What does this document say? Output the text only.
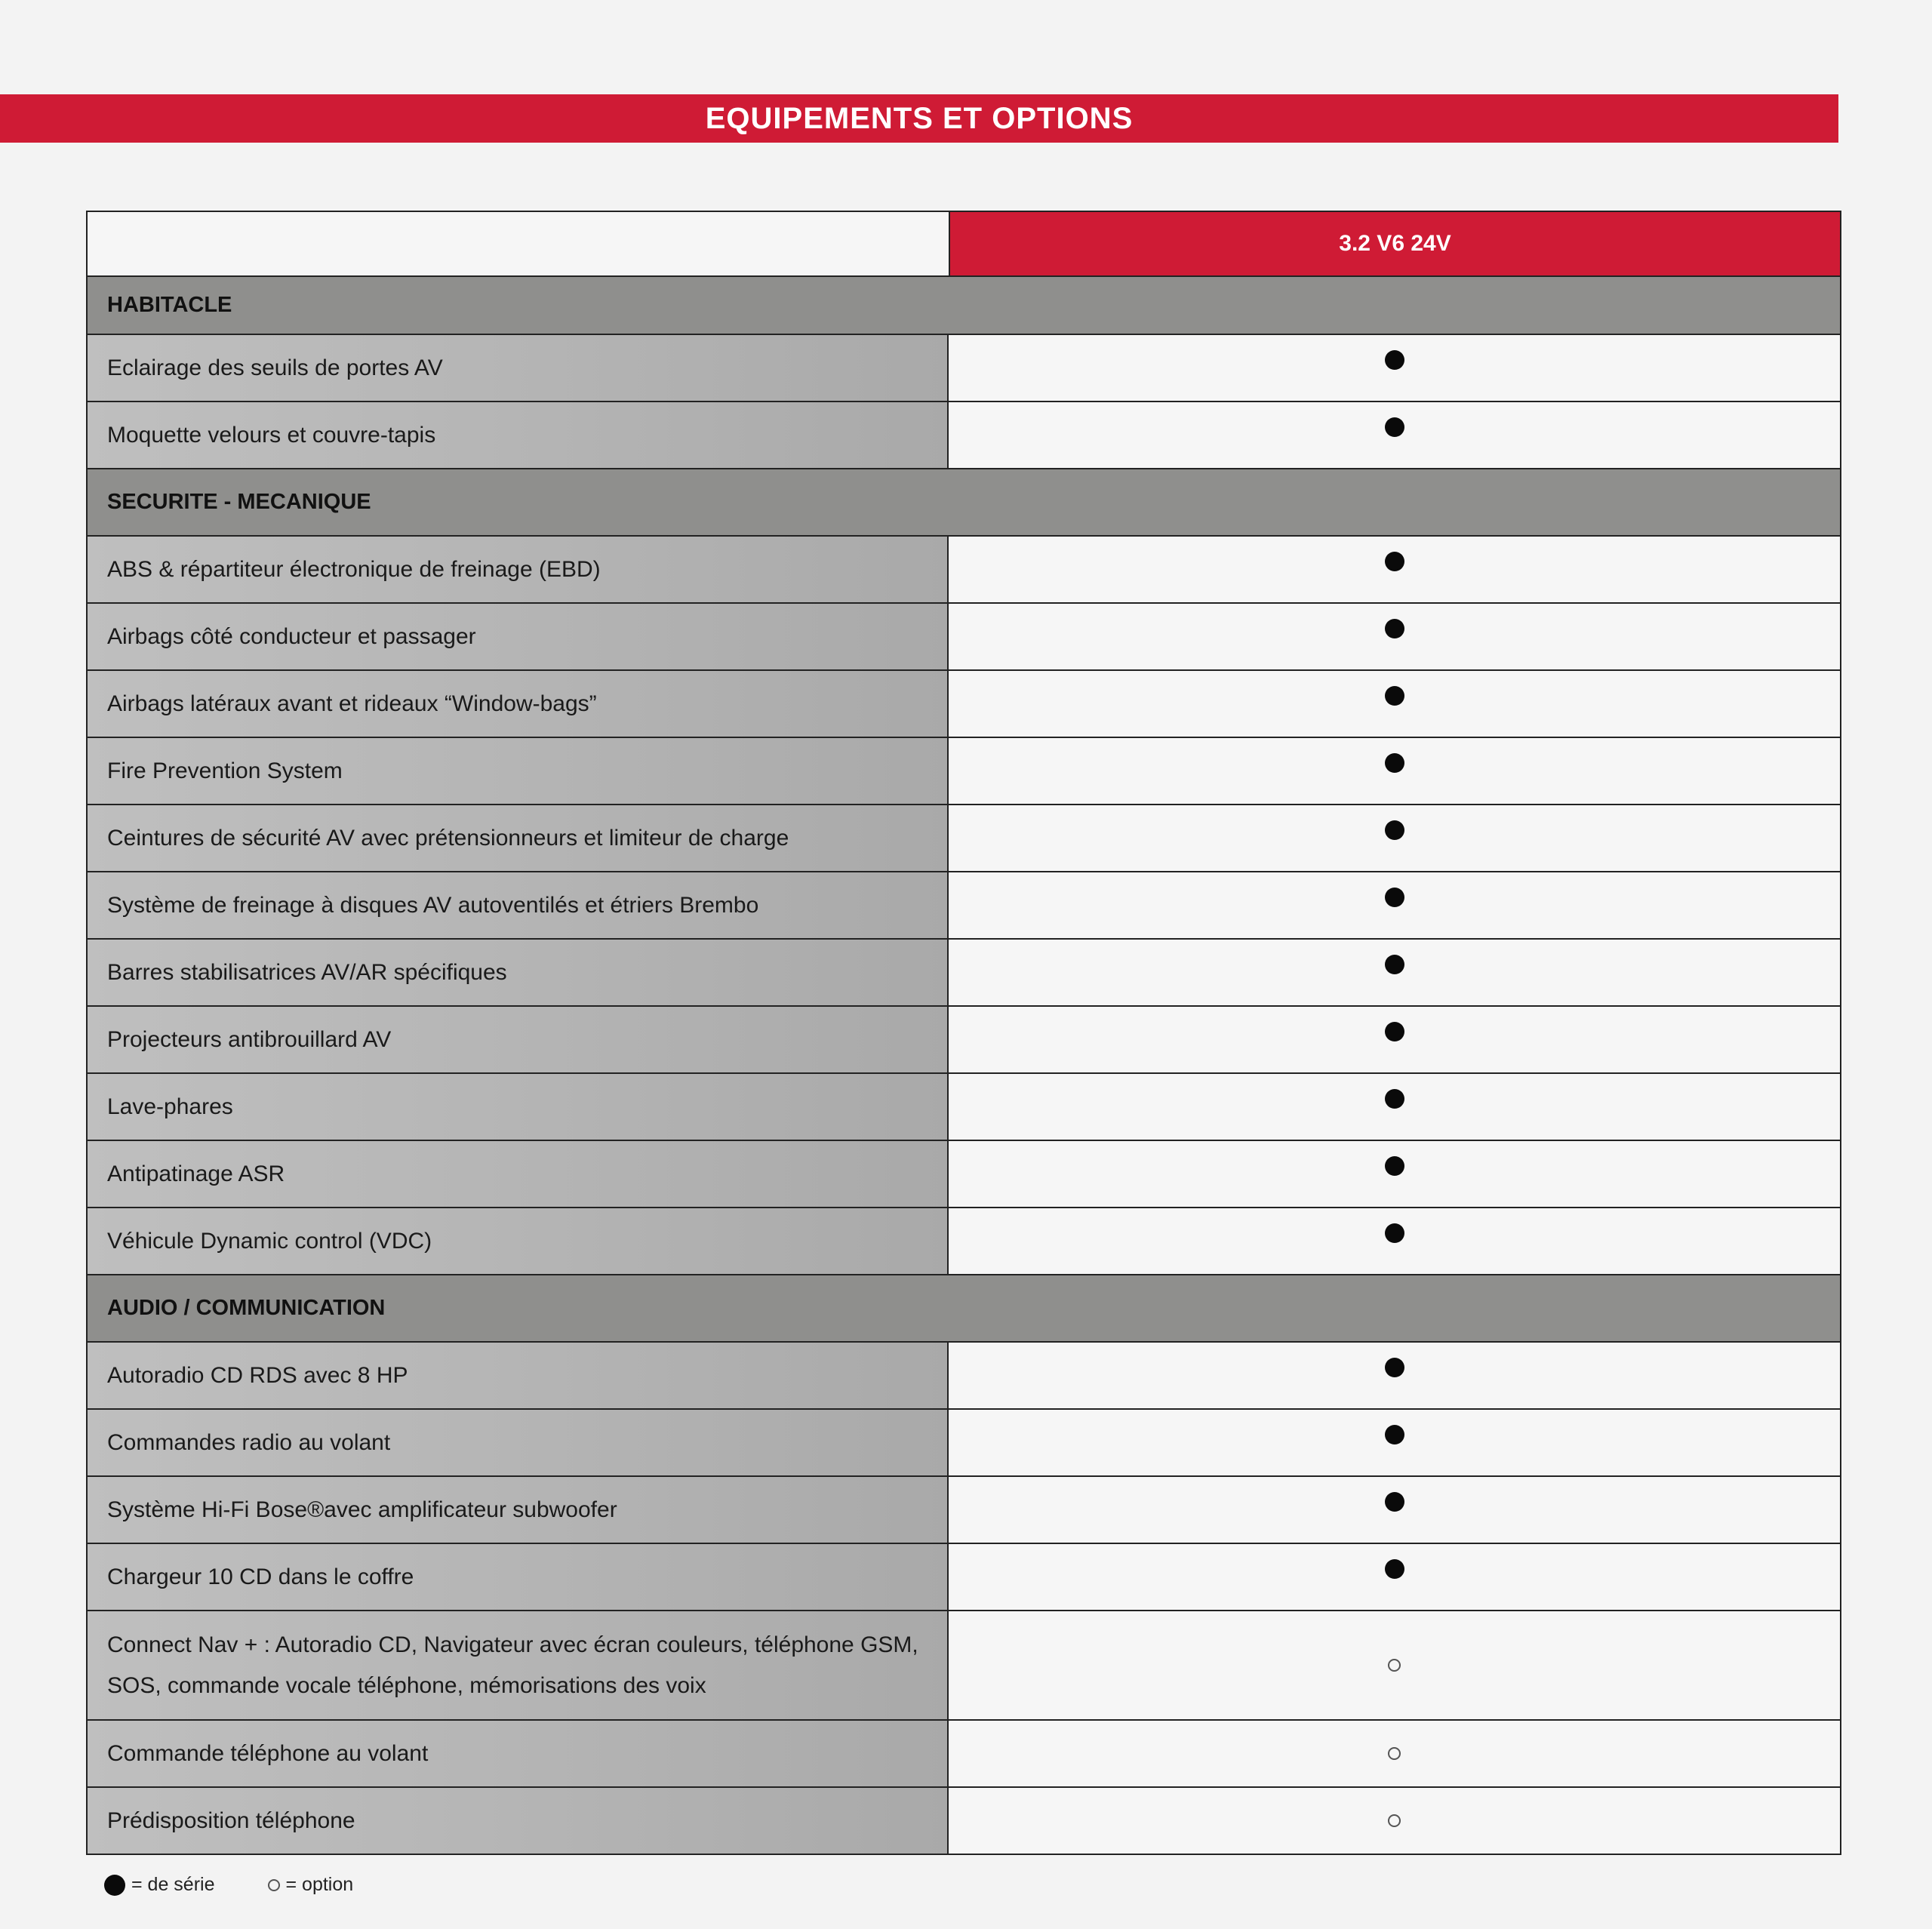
EQUIPEMENTS ET OPTIONS
3.2 V6 24V
HABITACLE
Eclairage des seuils de portes AV
Moquette velours et couvre-tapis
SECURITE - MECANIQUE
ABS & répartiteur électronique de freinage (EBD)
Airbags côté conducteur et passager
Airbags latéraux avant et rideaux “Window-bags”
Fire Prevention System
Ceintures de sécurité AV avec prétensionneurs et limiteur de charge
Système de freinage à disques AV autoventilés et étriers Brembo
Barres stabilisatrices AV/AR spécifiques
Projecteurs antibrouillard AV
Lave-phares
Antipatinage ASR
Véhicule Dynamic control (VDC)
AUDIO / COMMUNICATION
Autoradio CD RDS avec 8 HP
Commandes radio au volant
Système Hi-Fi Bose®avec amplificateur subwoofer
Chargeur 10 CD dans le coffre
Connect Nav + : Autoradio CD, Navigateur avec écran couleurs, téléphone GSM, SOS, commande vocale téléphone, mémorisations des voix
Commande téléphone au volant
Prédisposition téléphone
= de série	= option
